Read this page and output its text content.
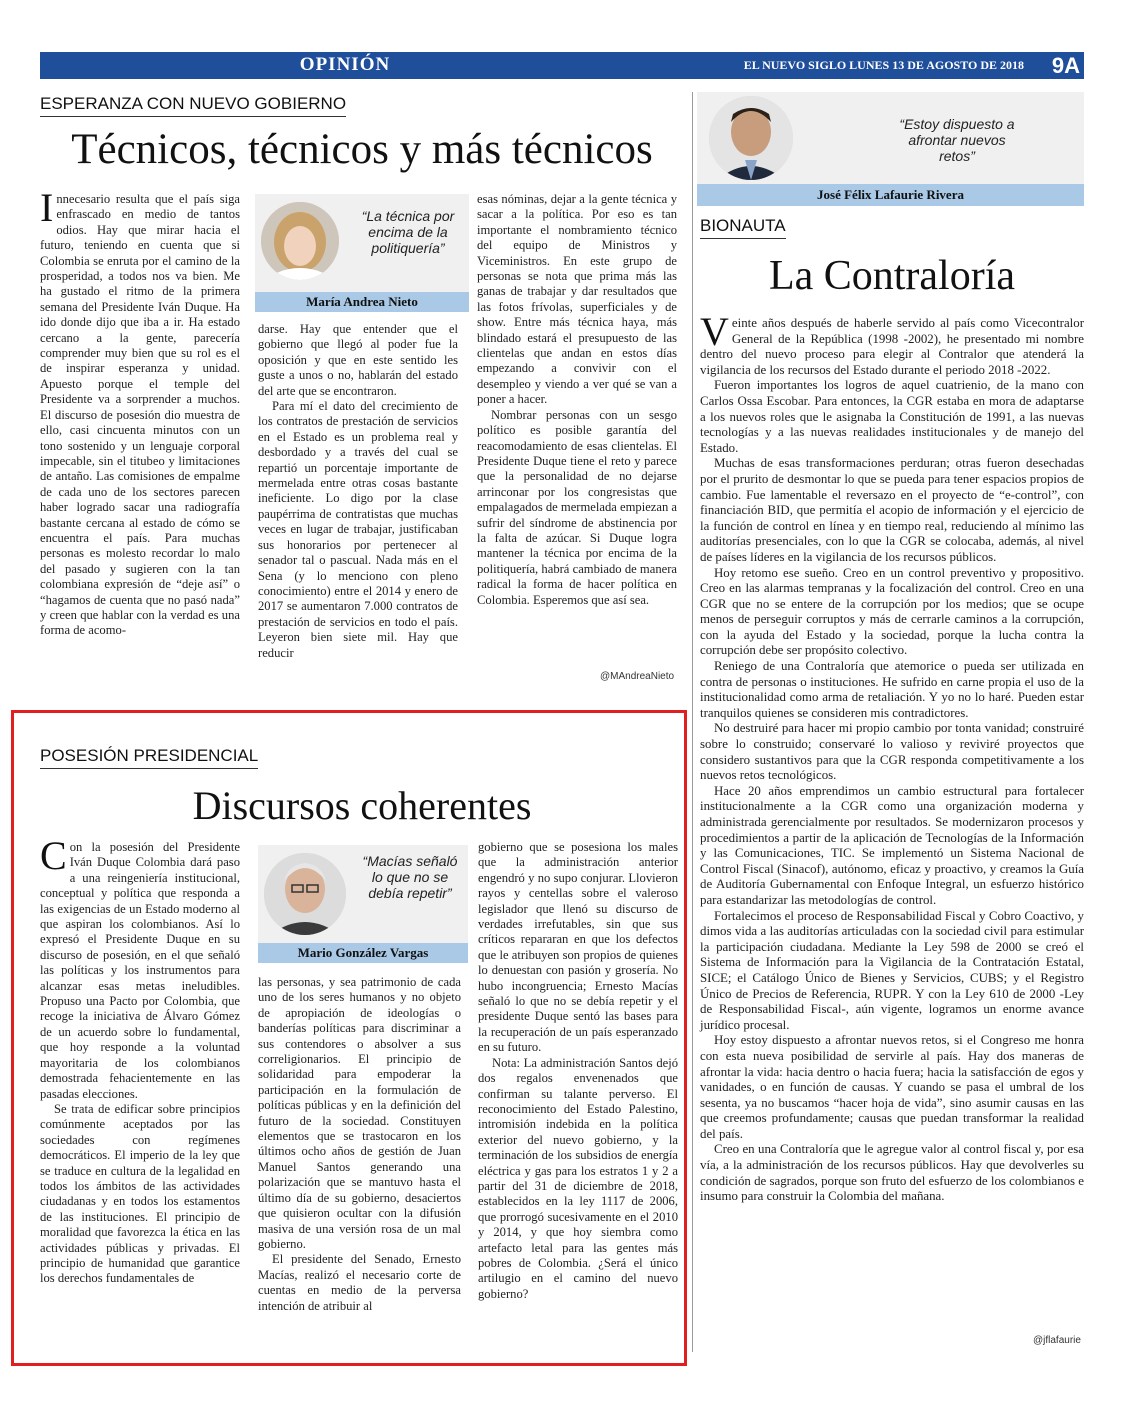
OPINIÓN	EL NUEVO SIGLO LUNES 13 DE AGOSTO DE 2018 9A
ESPERANZA CON NUEVO GOBIERNO
Técnicos, técnicos y más técnicos

Innecesario resulta que el país siga enfrascado en medio de tantos odios. Hay que mirar hacia el futuro, teniendo en cuenta que si Colombia se enruta por el camino de la prosperidad, a todos nos va bien. Me ha gustado el ritmo de la primera semana del Presidente Iván Duque. Ha ido donde dijo que iba a ir. Ha estado cercano a la gente, parecería comprender muy bien que su rol es el de inspirar esperanza y unidad. Apuesto porque el temple del Presidente va a sorprender a muchos. El discurso de posesión dio muestra de ello, casi cincuenta minutos con un tono sostenido y un lenguaje corporal impecable, sin el titubeo y limitaciones de antaño. Las comisiones de empalme de cada uno de los sectores parecen haber logrado sacar una radiografía bastante cercana al estado de cómo se encuentra el país. Para muchas personas es molesto recordar lo malo del pasado y sugieren con la tan colombiana expresión de “deje así” o “hagamos de cuenta que no pasó nada” y creen que hablar con la verdad es una forma de acomo-

“La técnica por encima de la politiquería”
María Andrea Nieto

darse. Hay que entender que el gobierno que llegó al poder fue la oposición y que en este sentido les guste a unos o no, hablarán del estado del arte que se encontraron.

Para mí el dato del crecimiento de los contratos de prestación de servicios en el Estado es un problema real y desbordado y a través del cual se repartió un porcentaje importante de mermelada entre otras cosas bastante ineficiente. Lo digo por la clase paupérrima de contratistas que muchas veces en lugar de trabajar, justificaban sus honorarios por pertenecer al senador tal o pascual. Nada más en el Sena (y lo menciono con pleno conocimiento) entre el 2014 y enero de 2017 se aumentaron 7.000 contratos de prestación de servicios en todo el país. Leyeron bien siete mil. Hay que reducir

esas nóminas, dejar a la gente técnica y sacar a la política. Por eso es tan importante el nombramiento técnico del equipo de Ministros y Viceministros. En este grupo de personas se nota que prima más las ganas de trabajar y dar resultados que las fotos frívolas, superficiales y de show. Entre más técnica haya, más blindado estará el presupuesto de las clientelas que andan en estos días empezando a convivir con el desempleo y viendo a ver qué se van a poner a hacer.

Nombrar personas con un sesgo político es posible garantía del reacomodamiento de esas clientelas. El Presidente Duque tiene el reto y parece que la personalidad de no dejarse arrinconar por los congresistas que empalagados de mermelada empiezan a sufrir del síndrome de abstinencia por la falta de azúcar. Si Duque logra mantener la técnica por encima de la politiquería, habrá cambiado de manera radical la forma de hacer política en Colombia. Esperemos que así sea.

@MAndreaNieto
“Estoy dispuesto a afrontar nuevos retos”
José Félix Lafaurie Rivera
BIONAUTA
La Contraloría

Veinte años después de haberle servido al país como Vicecontralor General de la República (1998 -2002), he presentado mi nombre dentro del nuevo proceso para elegir al Contralor que atenderá la vigilancia de los recursos del Estado durante el periodo 2018 -2022.

Fueron importantes los logros de aquel cuatrienio, de la mano con Carlos Ossa Escobar. Para entonces, la CGR estaba en mora de adaptarse a los nuevos roles que le asignaba la Constitución de 1991, a las nuevas tecnologías y a las nuevas realidades institucionales y de manejo del Estado.

Muchas de esas transformaciones perduran; otras fueron desechadas por el prurito de desmontar lo que se pueda para tener espacios propios de cambio. Fue lamentable el reversazo en el proyecto de “e-control”, con financiación BID, que permitía el acopio de información y el ejercicio de la función de control en línea y en tiempo real, reduciendo al mínimo las auditorías presenciales, con lo que la CGR se colocaba, además, al nivel de países líderes en la vigilancia de los recursos públicos.

Hoy retomo ese sueño. Creo en un control preventivo y propositivo. Creo en las alarmas tempranas y la focalización del control. Creo en una CGR que no se entere de la corrupción por los medios; que se ocupe menos de perseguir corruptos y más de cerrarle caminos a la corrupción, con la ayuda del Estado y la sociedad, porque la lucha contra la corrupción debe ser propósito colectivo.

Reniego de una Contraloría que atemorice o pueda ser utilizada en contra de personas o instituciones. He sufrido en carne propia el uso de la institucionalidad como arma de retaliación. Y yo no lo haré. Pueden estar tranquilos quienes se consideren mis contradictores.

No destruiré para hacer mi propio cambio por tonta vanidad; construiré sobre lo construido; conservaré lo valioso y reviviré proyectos que considero sustantivos para que la CGR responda competitivamente a los nuevos retos tecnológicos.

Hace 20 años emprendimos un cambio estructural para fortalecer institucionalmente a la CGR como una organización moderna y administrada gerencialmente por resultados. Se modernizaron procesos y procedimientos a partir de la aplicación de Tecnologías de la Información y las Comunicaciones, TIC. Se implementó un Sistema Nacional de Control Fiscal (Sinacof), autónomo, eficaz y proactivo, y creamos la Guía de Auditoría Gubernamental con Enfoque Integral, un esfuerzo histórico para estandarizar las metodologías de control.

Fortalecimos el proceso de Responsabilidad Fiscal y Cobro Coactivo, y dimos vida a las auditorías articuladas con la sociedad civil para estimular la participación ciudadana. Mediante la Ley 598 de 2000 se creó el Sistema de Información para la Vigilancia de la Contratación Estatal, SICE; el Catálogo Único de Bienes y Servicios, CUBS; y el Registro Único de Precios de Referencia, RUPR. Y con la Ley 610 de 2000 -Ley de Responsabilidad Fiscal-, aún vigente, logramos un enorme avance jurídico procesal.

Hoy estoy dispuesto a afrontar nuevos retos, si el Congreso me honra con esta nueva posibilidad de servirle al país. Hay dos maneras de afrontar la vida: hacia dentro o hacia fuera; hacia la satisfacción de egos y vanidades, o en función de causas. Y cuando se pasa el umbral de los sesenta, ya no buscamos “hacer hoja de vida”, sino asumir causas en las que creemos profundamente; causas que puedan transformar la realidad del país.

Creo en una Contraloría que le agregue valor al control fiscal y, por esa vía, a la administración de los recursos públicos. Hay que devolverles su condición de sagrados, porque son fruto del esfuerzo de los colombianos e insumo para construir la Colombia del mañana.

@jflafaurie
POSESIÓN PRESIDENCIAL
Discursos coherentes

Con la posesión del Presidente Iván Duque Colombia dará paso a una reingeniería institucional, conceptual y política que responda a las exigencias de un Estado moderno al que aspiran los colombianos. Así lo expresó el Presidente Duque en su discurso de posesión, en el que señaló las políticas y los instrumentos para alcanzar esas metas ineludibles. Propuso una Pacto por Colombia, que recoge la iniciativa de Álvaro Gómez de un acuerdo sobre lo fundamental, que hoy responde a la voluntad mayoritaria de los colombianos demostrada fehacientemente en las pasadas elecciones.

Se trata de edificar sobre principios comúnmente aceptados por las sociedades con regímenes democráticos. El imperio de la ley que se traduce en cultura de la legalidad en todos los ámbitos de las actividades ciudadanas y en todos los estamentos de las instituciones. El principio de moralidad que favorezca la ética en las actividades públicas y privadas. El principio de humanidad que garantice los derechos fundamentales de

“Macías señaló lo que no se debía repetir”
Mario González Vargas

las personas, y sea patrimonio de cada uno de los seres humanos y no objeto de apropiación de ideologías o banderías políticas para discriminar a sus contendores o absolver a sus correligionarios. El principio de solidaridad para empoderar la participación en la formulación de políticas públicas y en la definición del futuro de la sociedad. Constituyen elementos que se trastocaron en los últimos ocho años de gestión de Juan Manuel Santos generando una polarización que se mantuvo hasta el último día de su gobierno, desaciertos que quisieron ocultar con la difusión masiva de una versión rosa de un mal gobierno.

El presidente del Senado, Ernesto Macías, realizó el necesario corte de cuentas en medio de la perversa intención de atribuir al

gobierno que se posesiona los males que la administración anterior engendró y no supo conjurar. Llovieron rayos y centellas sobre el valeroso legislador que llenó su discurso de verdades irrefutables, sin que sus críticos repararan en que los defectos que le atribuyen son propios de quienes lo denuestan con pasión y grosería. No hubo incongruencia; Ernesto Macías señaló lo que no se debía repetir y el presidente Duque sentó las bases para la recuperación de un país esperanzado en su futuro.

Nota: La administración Santos dejó dos regalos envenenados que confirman su talante perverso. El reconocimiento del Estado Palestino, intromisión indebida en la política exterior del nuevo gobierno, y la terminación de los subsidios de energía eléctrica y gas para los estratos 1 y 2 a partir del 31 de diciembre de 2018, establecidos en la ley 1117 de 2006, que prorrogó sucesivamente en el 2010 y 2014, y que hoy siembra como artefacto letal para las gentes más pobres de Colombia. ¿Será el único artilugio en el camino del nuevo gobierno?
